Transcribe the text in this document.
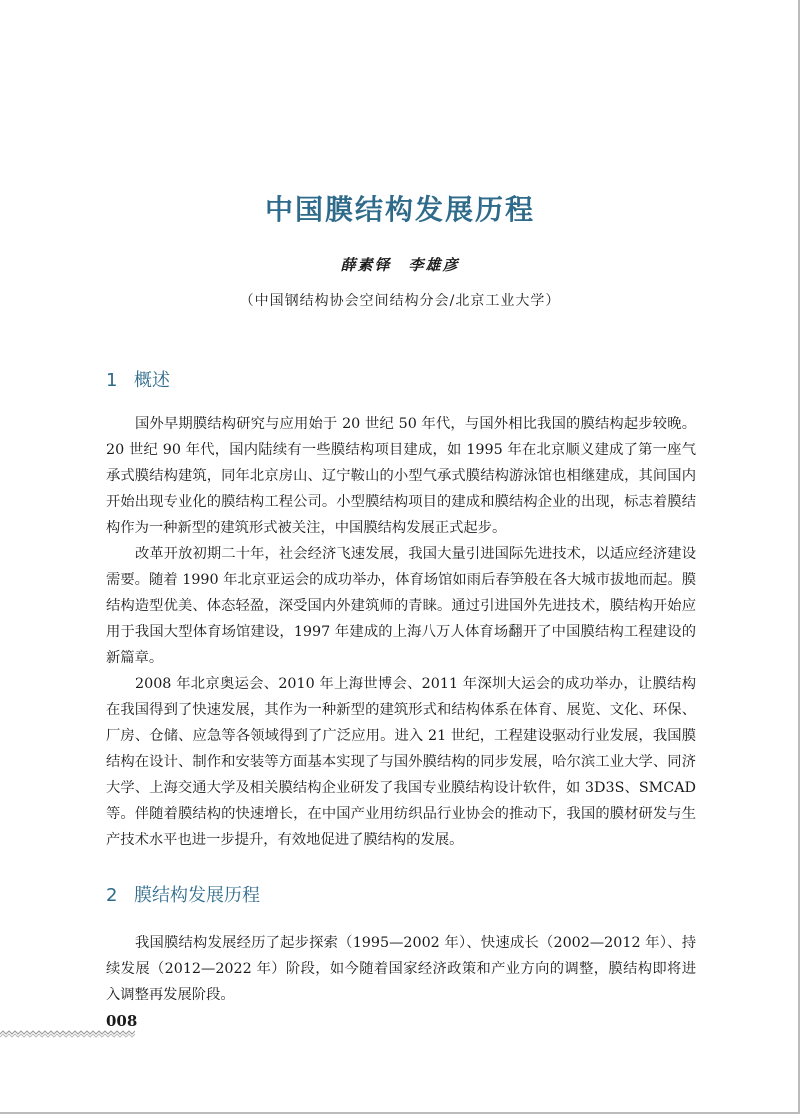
中国膜结构发展历程
薛素铎　李雄彦
（中国钢结构协会空间结构分会/北京工业大学）
1 概述

国外早期膜结构研究与应用始于 20 世纪 50 年代，与国外相比我国的膜结构起步较晚。20 世纪 90 年代，国内陆续有一些膜结构项目建成，如 1995 年在北京顺义建成了第一座气承式膜结构建筑，同年北京房山、辽宁鞍山的小型气承式膜结构游泳馆也相继建成，其间国内开始出现专业化的膜结构工程公司。小型膜结构项目的建成和膜结构企业的出现，标志着膜结构作为一种新型的建筑形式被关注，中国膜结构发展正式起步。

改革开放初期二十年，社会经济飞速发展，我国大量引进国际先进技术，以适应经济建设需要。随着 1990 年北京亚运会的成功举办，体育场馆如雨后春笋般在各大城市拔地而起。膜结构造型优美、体态轻盈，深受国内外建筑师的青睐。通过引进国外先进技术，膜结构开始应用于我国大型体育场馆建设，1997 年建成的上海八万人体育场翻开了中国膜结构工程建设的新篇章。

2008 年北京奥运会、2010 年上海世博会、2011 年深圳大运会的成功举办，让膜结构在我国得到了快速发展，其作为一种新型的建筑形式和结构体系在体育、展览、文化、环保、厂房、仓储、应急等各领域得到了广泛应用。进入 21 世纪，工程建设驱动行业发展，我国膜结构在设计、制作和安装等方面基本实现了与国外膜结构的同步发展，哈尔滨工业大学、同济大学、上海交通大学及相关膜结构企业研发了我国专业膜结构设计软件，如 3D3S、SMCAD 等。伴随着膜结构的快速增长，在中国产业用纺织品行业协会的推动下，我国的膜材研发与生产技术水平也进一步提升，有效地促进了膜结构的发展。

2 膜结构发展历程

我国膜结构发展经历了起步探索（1995—2002 年）、快速成长（2002—2012 年）、持续发展（2012—2022 年）阶段，如今随着国家经济政策和产业方向的调整，膜结构即将进入调整再发展阶段。

008
